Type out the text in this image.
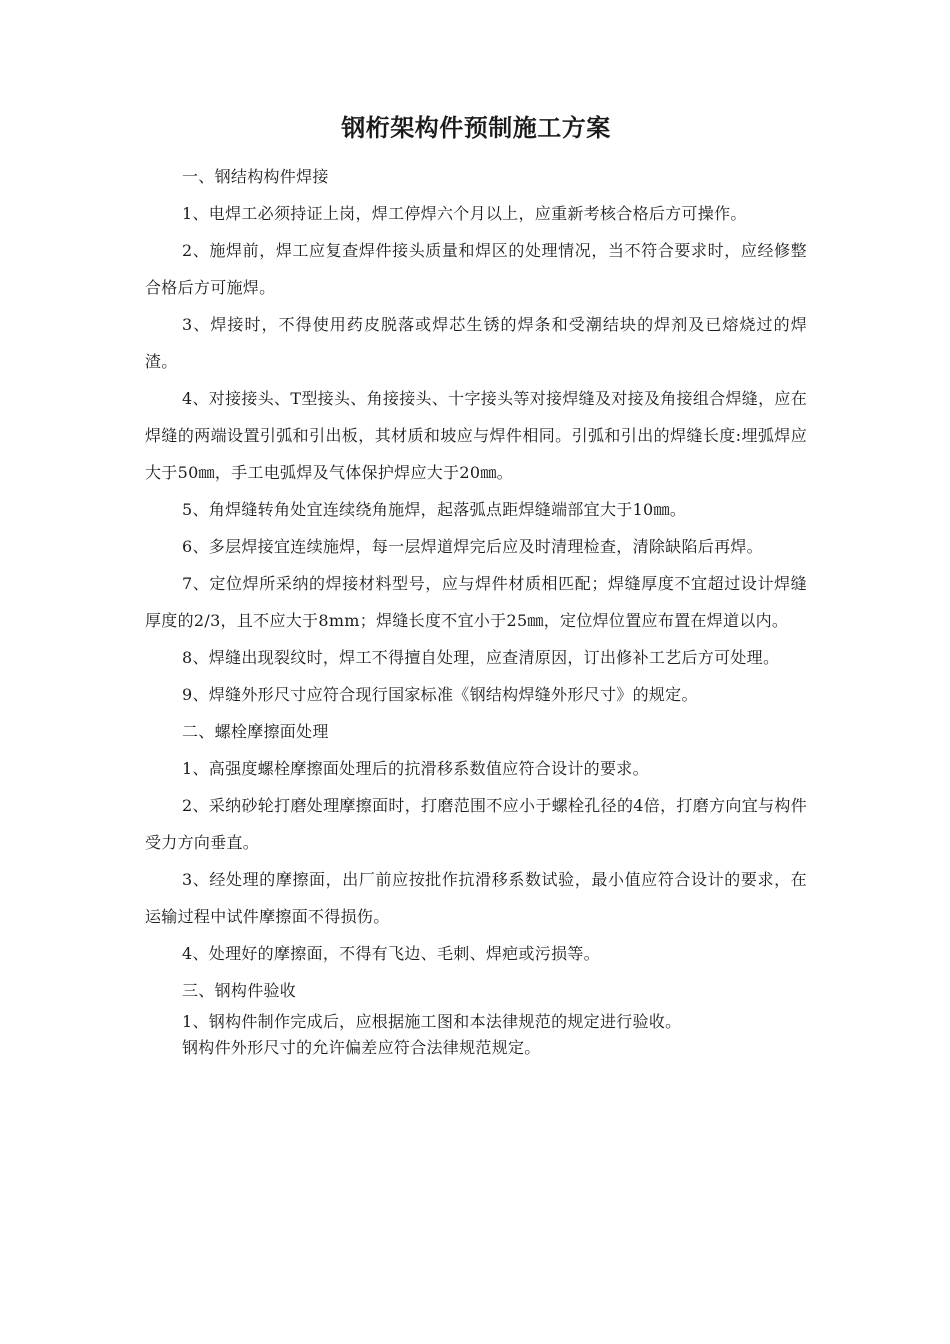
钢桁架构件预制施工方案

一、钢结构构件焊接

1、电焊工必须持证上岗，焊工停焊六个月以上，应重新考核合格后方可操作。

2、施焊前，焊工应复查焊件接头质量和焊区的处理情况，当不符合要求时，应经修整合格后方可施焊。

3、焊接时，不得使用药皮脱落或焊芯生锈的焊条和受潮结块的焊剂及已熔烧过的焊渣。

4、对接接头、T型接头、角接接头、十字接头等对接焊缝及对接及角接组合焊缝，应在焊缝的两端设置引弧和引出板，其材质和坡应与焊件相同。引弧和引出的焊缝长度:埋弧焊应大于50㎜，手工电弧焊及气体保护焊应大于20㎜。

5、角焊缝转角处宜连续绕角施焊，起落弧点距焊缝端部宜大于10㎜。

6、多层焊接宜连续施焊，每一层焊道焊完后应及时清理检查，清除缺陷后再焊。

7、定位焊所采纳的焊接材料型号，应与焊件材质相匹配；焊缝厚度不宜超过设计焊缝厚度的2/3，且不应大于8mm；焊缝长度不宜小于25㎜，定位焊位置应布置在焊道以内。

8、焊缝出现裂纹时，焊工不得擅自处理，应查清原因，订出修补工艺后方可处理。

9、焊缝外形尺寸应符合现行国家标准《钢结构焊缝外形尺寸》的规定。

二、螺栓摩擦面处理

1、高强度螺栓摩擦面处理后的抗滑移系数值应符合设计的要求。

2、采纳砂轮打磨处理摩擦面时，打磨范围不应小于螺栓孔径的4倍，打磨方向宜与构件受力方向垂直。

3、经处理的摩擦面，出厂前应按批作抗滑移系数试验，最小值应符合设计的要求，在运输过程中试件摩擦面不得损伤。

4、处理好的摩擦面，不得有飞边、毛刺、焊疤或污损等。

三、钢构件验收

1、钢构件制作完成后，应根据施工图和本法律规范的规定进行验收。

钢构件外形尺寸的允许偏差应符合法律规范规定。
